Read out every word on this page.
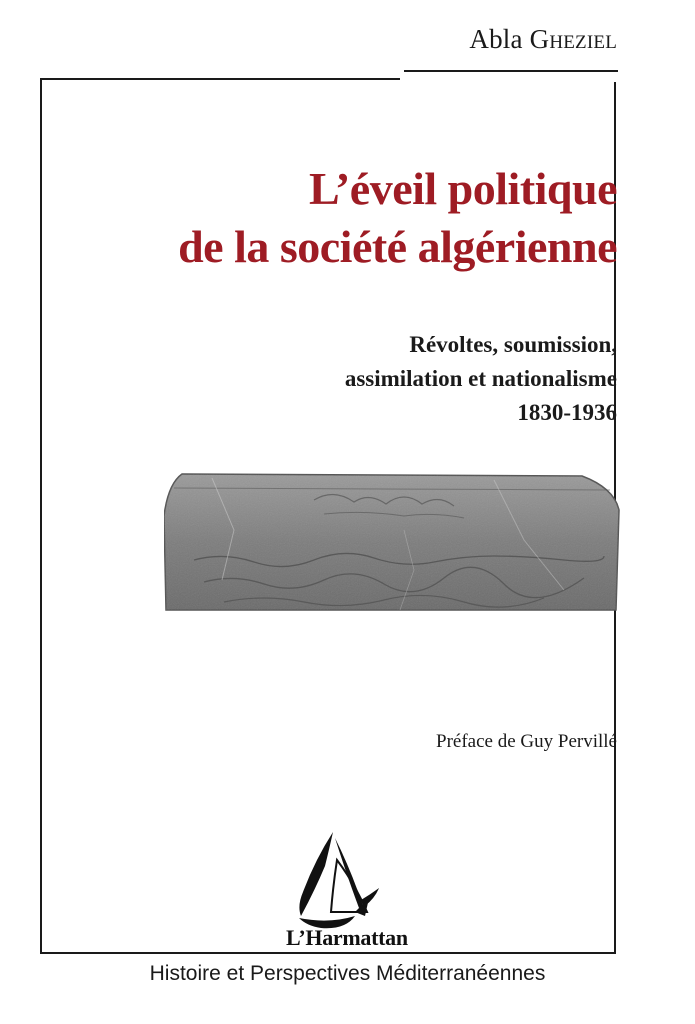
Abla Gheziel
L’éveil politique
de la société algérienne
Révoltes, soumission,
assimilation et nationalisme
1830-1936
Préface de Guy Pervillé
L’Harmattan
Histoire et Perspectives Méditerranéennes
